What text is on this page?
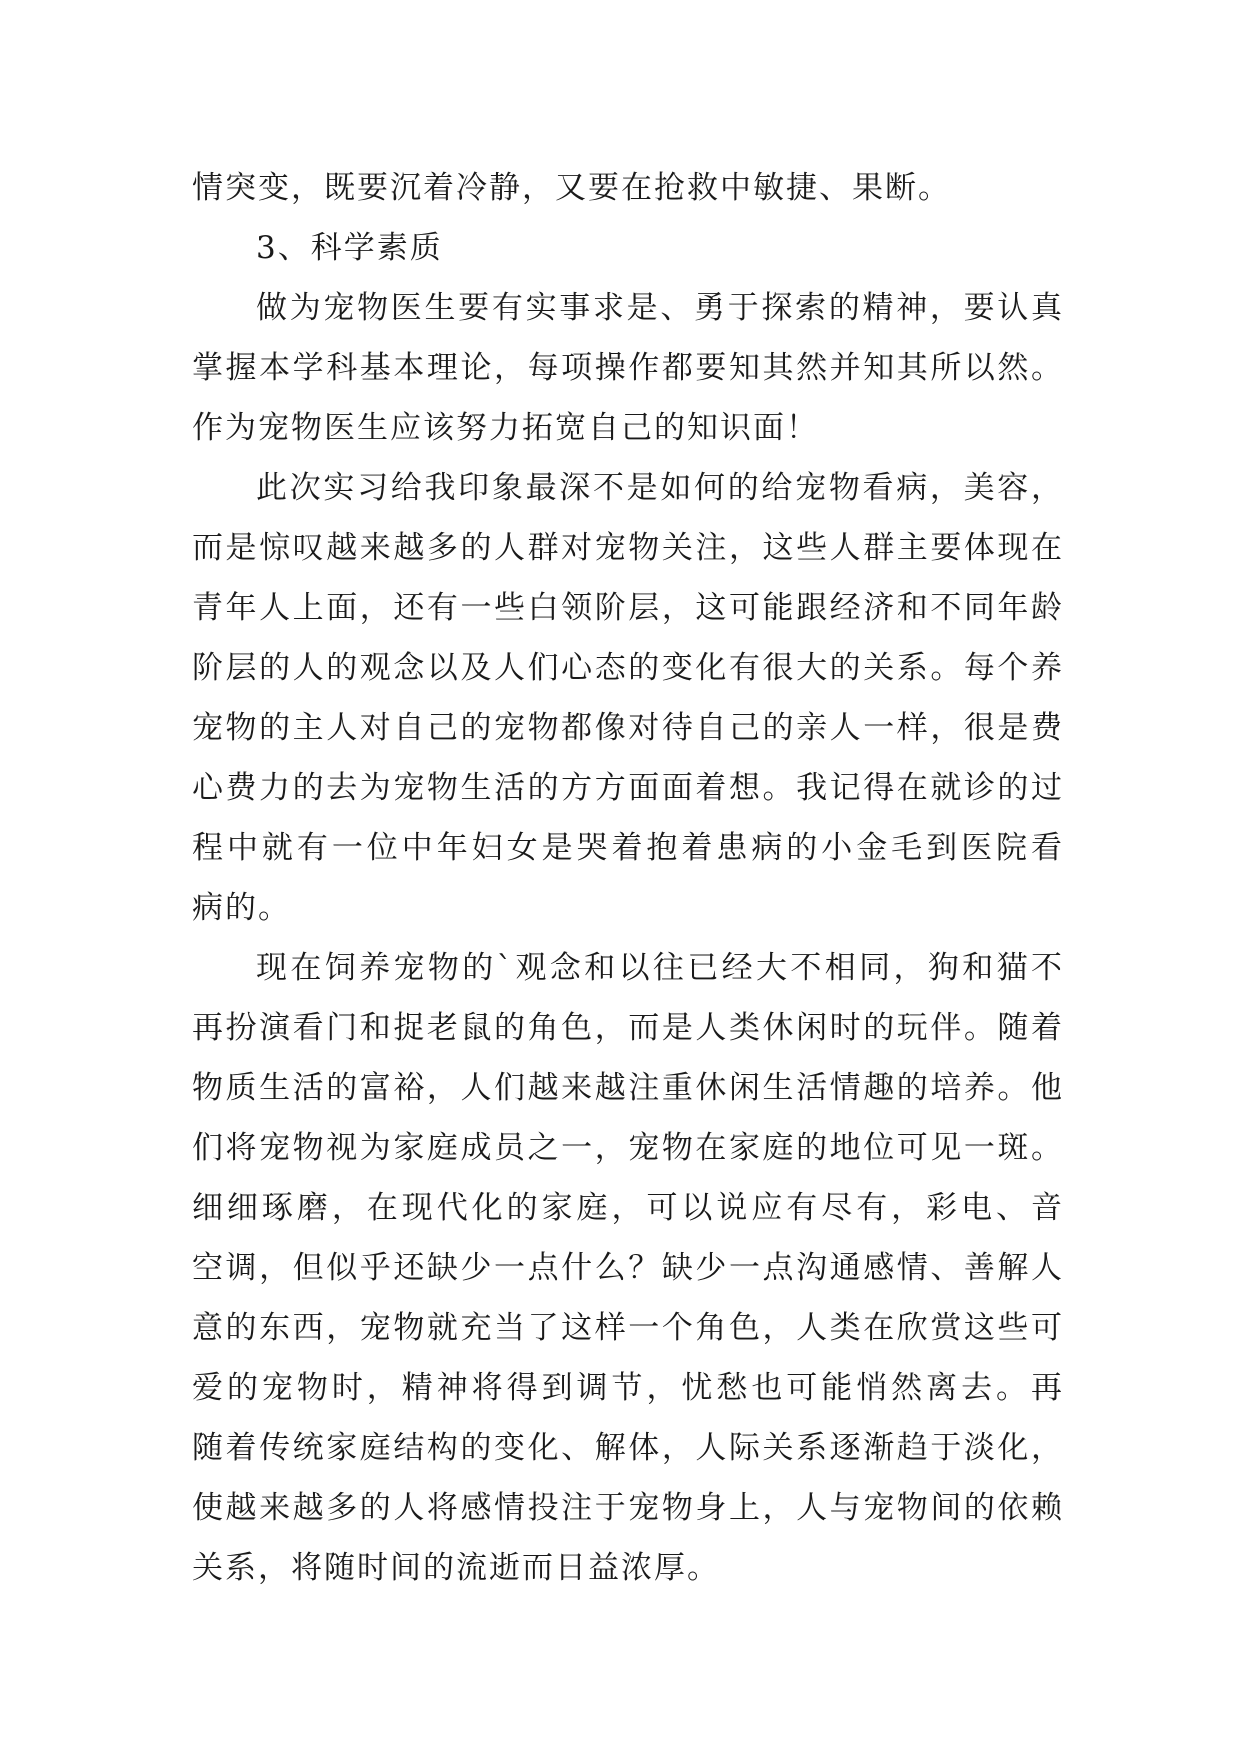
情突变，既要沉着冷静，又要在抢救中敏捷、果断。
3、科学素质
做为宠物医生要有实事求是、勇于探索的精神，要认真
掌握本学科基本理论，每项操作都要知其然并知其所以然。
作为宠物医生应该努力拓宽自己的知识面！
此次实习给我印象最深不是如何的给宠物看病，美容，
而是惊叹越来越多的人群对宠物关注，这些人群主要体现在
青年人上面，还有一些白领阶层，这可能跟经济和不同年龄
阶层的人的观念以及人们心态的变化有很大的关系。每个养
宠物的主人对自己的宠物都像对待自己的亲人一样，很是费
心费力的去为宠物生活的方方面面着想。我记得在就诊的过
程中就有一位中年妇女是哭着抱着患病的小金毛到医院看
病的。
现在饲养宠物的`观念和以往已经大不相同，狗和猫不
再扮演看门和捉老鼠的角色，而是人类休闲时的玩伴。随着
物质生活的富裕，人们越来越注重休闲生活情趣的培养。他
们将宠物视为家庭成员之一，宠物在家庭的地位可见一斑。
细细琢磨，在现代化的家庭，可以说应有尽有，彩电、音
空调，但似乎还缺少一点什么？缺少一点沟通感情、善解人
意的东西，宠物就充当了这样一个角色，人类在欣赏这些可
爱的宠物时，精神将得到调节，忧愁也可能悄然离去。再
随着传统家庭结构的变化、解体，人际关系逐渐趋于淡化，
使越来越多的人将感情投注于宠物身上，人与宠物间的依赖
关系，将随时间的流逝而日益浓厚。
